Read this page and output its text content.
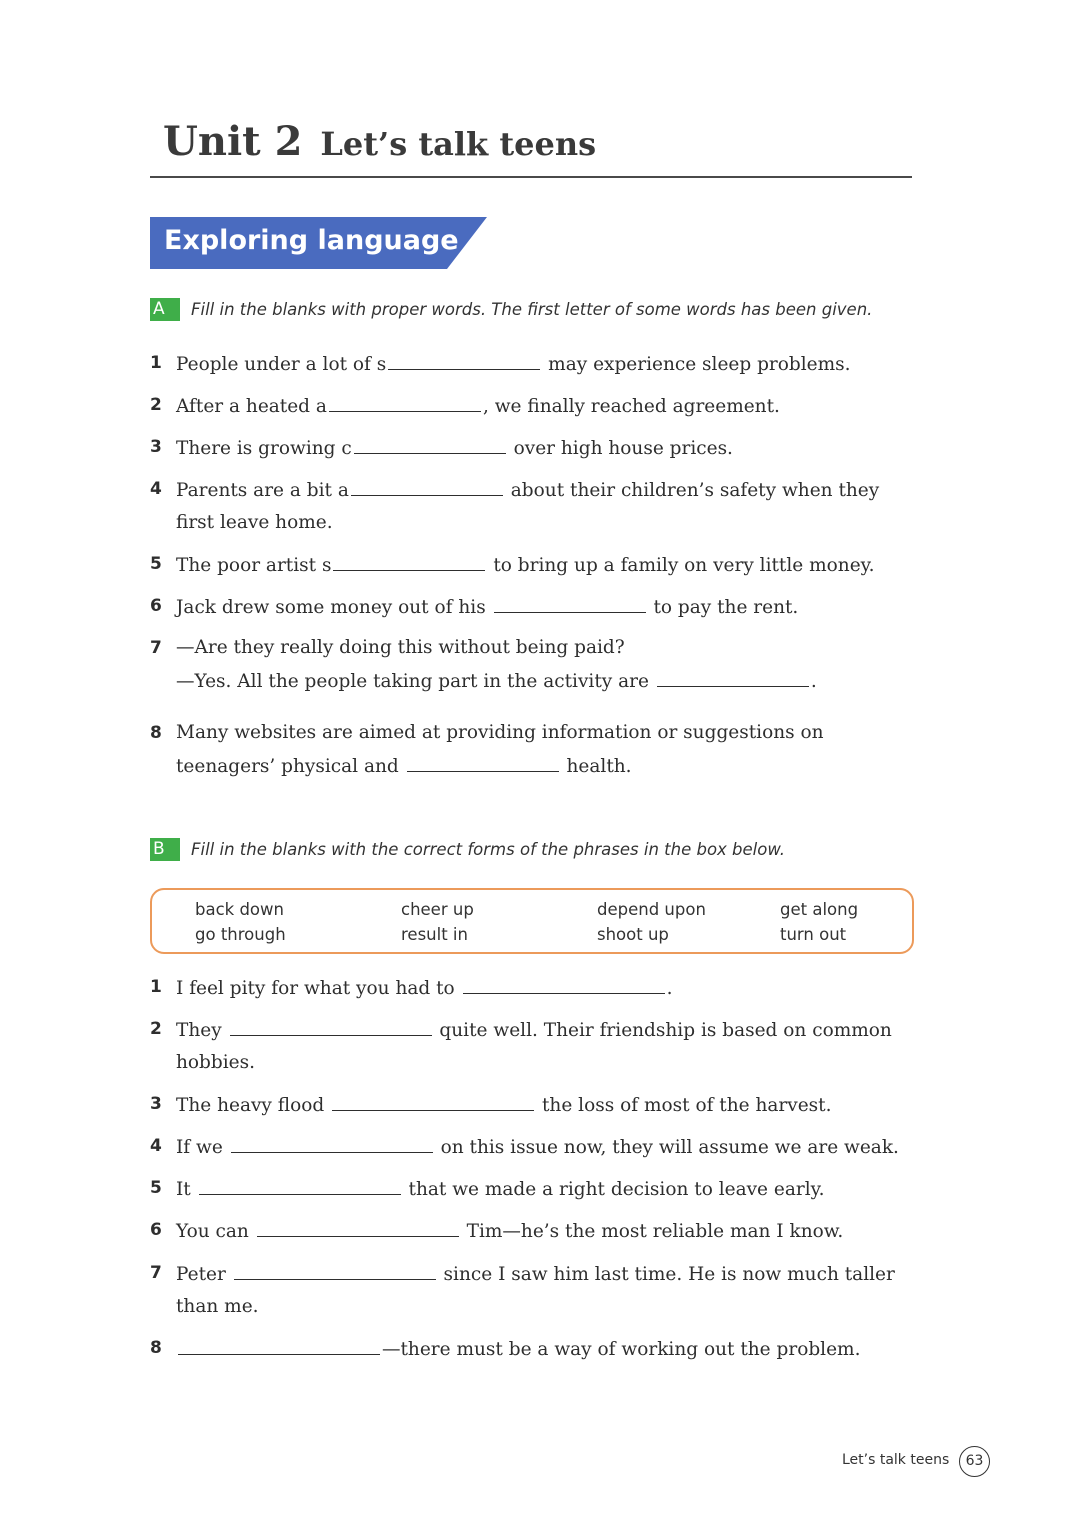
Unit 2 Let’s talk teens
Exploring language
A	Fill in the blanks with proper words. The first letter of some words has been given.
1 People under a lot of s	may experience sleep problems.
2 After a heated a	, we finally reached agreement.
3 There is growing c	over high house prices.
4 Parents are a bit a	about their children’s safety when they first leave home.
5 The poor artist s	to bring up a family on very little money.
6 Jack drew some money out of his	to pay the rent.
7 —Are they really doing this without being paid?
—Yes. All the people taking part in the activity are	.
8 Many websites are aimed at providing information or suggestions on teenagers’ physical and	health.
B	Fill in the blanks with the correct forms of the phrases in the box below.
back down	cheer up	depend upon	get along
go through	result in	shoot up	turn out
1 I feel pity for what you had to	.
2 They	quite well. Their friendship is based on common hobbies.
3 The heavy flood	the loss of most of the harvest.
4 If we	on this issue now, they will assume we are weak.
5 It	that we made a right decision to leave early.
6 You can	Tim—he’s the most reliable man I know.
7 Peter	since I saw him last time. He is now much taller than me.
8	—there must be a way of working out the problem.
Let’s talk teens	63
